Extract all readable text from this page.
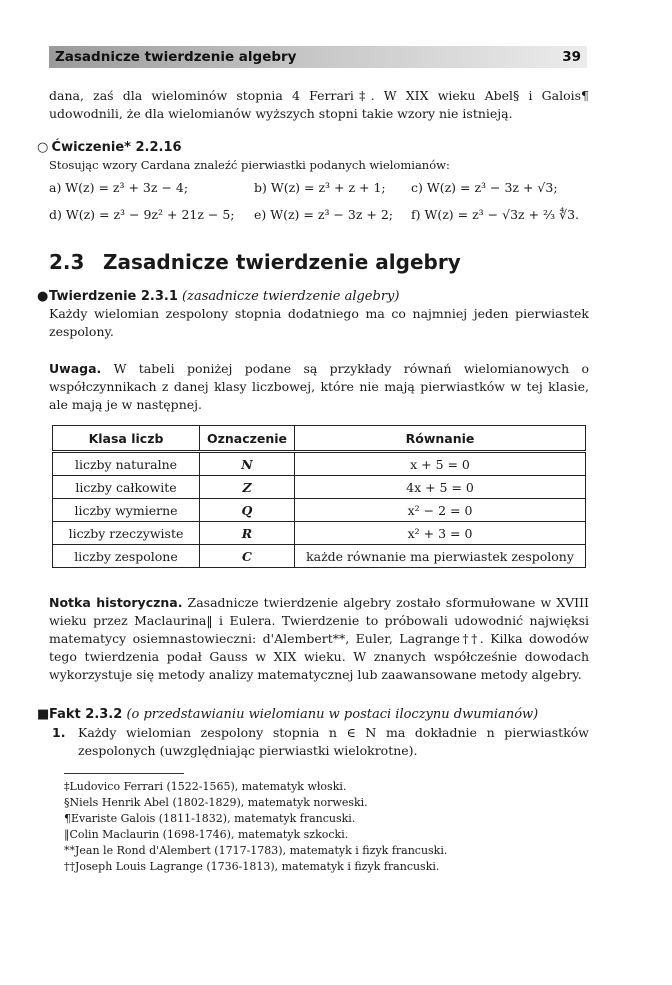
Zasadnicze twierdzenie algebry	39
dana, zaś dla wielominów stopnia 4 Ferrari‡. W XIX wieku Abel§ i Galois¶ udowodnili, że dla wielomianów wyższych stopni takie wzory nie istnieją.
○ Ćwiczenie* 2.2.16
Stosując wzory Cardana znaleźć pierwiastki podanych wielomianów:
a) W(z) = z³ + 3z − 4;	b) W(z) = z³ + z + 1; c) W(z) = z³ − 3z + √3;
d) W(z) = z³ − 9z² + 21z − 5; e) W(z) = z³ − 3z + 2; f) W(z) = z³ − √3z + ⅔ ∜3.
2.3 Zasadnicze twierdzenie algebry
●Twierdzenie 2.3.1 (zasadnicze twierdzenie algebry)
Każdy wielomian zespolony stopnia dodatniego ma co najmniej jeden pierwiastek zespolony.
Uwaga. W tabeli poniżej podane są przykłady równań wielomianowych o współczynnikach z danej klasy liczbowej, które nie mają pierwiastków w tej klasie, ale mają je w następnej.
Klasa liczb	Oznaczenie	Równanie
liczby naturalne	N	x + 5 = 0
liczby całkowite	Z	4x + 5 = 0
liczby wymierne	Q	x² − 2 = 0
liczby rzeczywiste	R	x² + 3 = 0
liczby zespolone	C	każde równanie ma pierwiastek zespolony
Notka historyczna. Zasadnicze twierdzenie algebry zostało sformułowane w XVIII wieku przez Maclaurina‖ i Eulera. Twierdzenie to próbowali udowodnić najwięksi matematycy osiemnastowieczni: d'Alembert**, Euler, Lagrange††. Kilka dowodów tego twierdzenia podał Gauss w XIX wieku. W znanych współcześnie dowodach wykorzystuje się metody analizy matematycznej lub zaawansowane metody algebry.
■Fakt 2.3.2 (o przedstawianiu wielomianu w postaci iloczynu dwumianów)
1. Każdy wielomian zespolony stopnia n ∈ N ma dokładnie n pierwiastków zespolonych (uwzględniając pierwiastki wielokrotne).
‡Ludovico Ferrari (1522-1565), matematyk włoski.
§Niels Henrik Abel (1802-1829), matematyk norweski.
¶Evariste Galois (1811-1832), matematyk francuski.
‖Colin Maclaurin (1698-1746), matematyk szkocki.
**Jean le Rond d'Alembert (1717-1783), matematyk i fizyk francuski.
††Joseph Louis Lagrange (1736-1813), matematyk i fizyk francuski.
